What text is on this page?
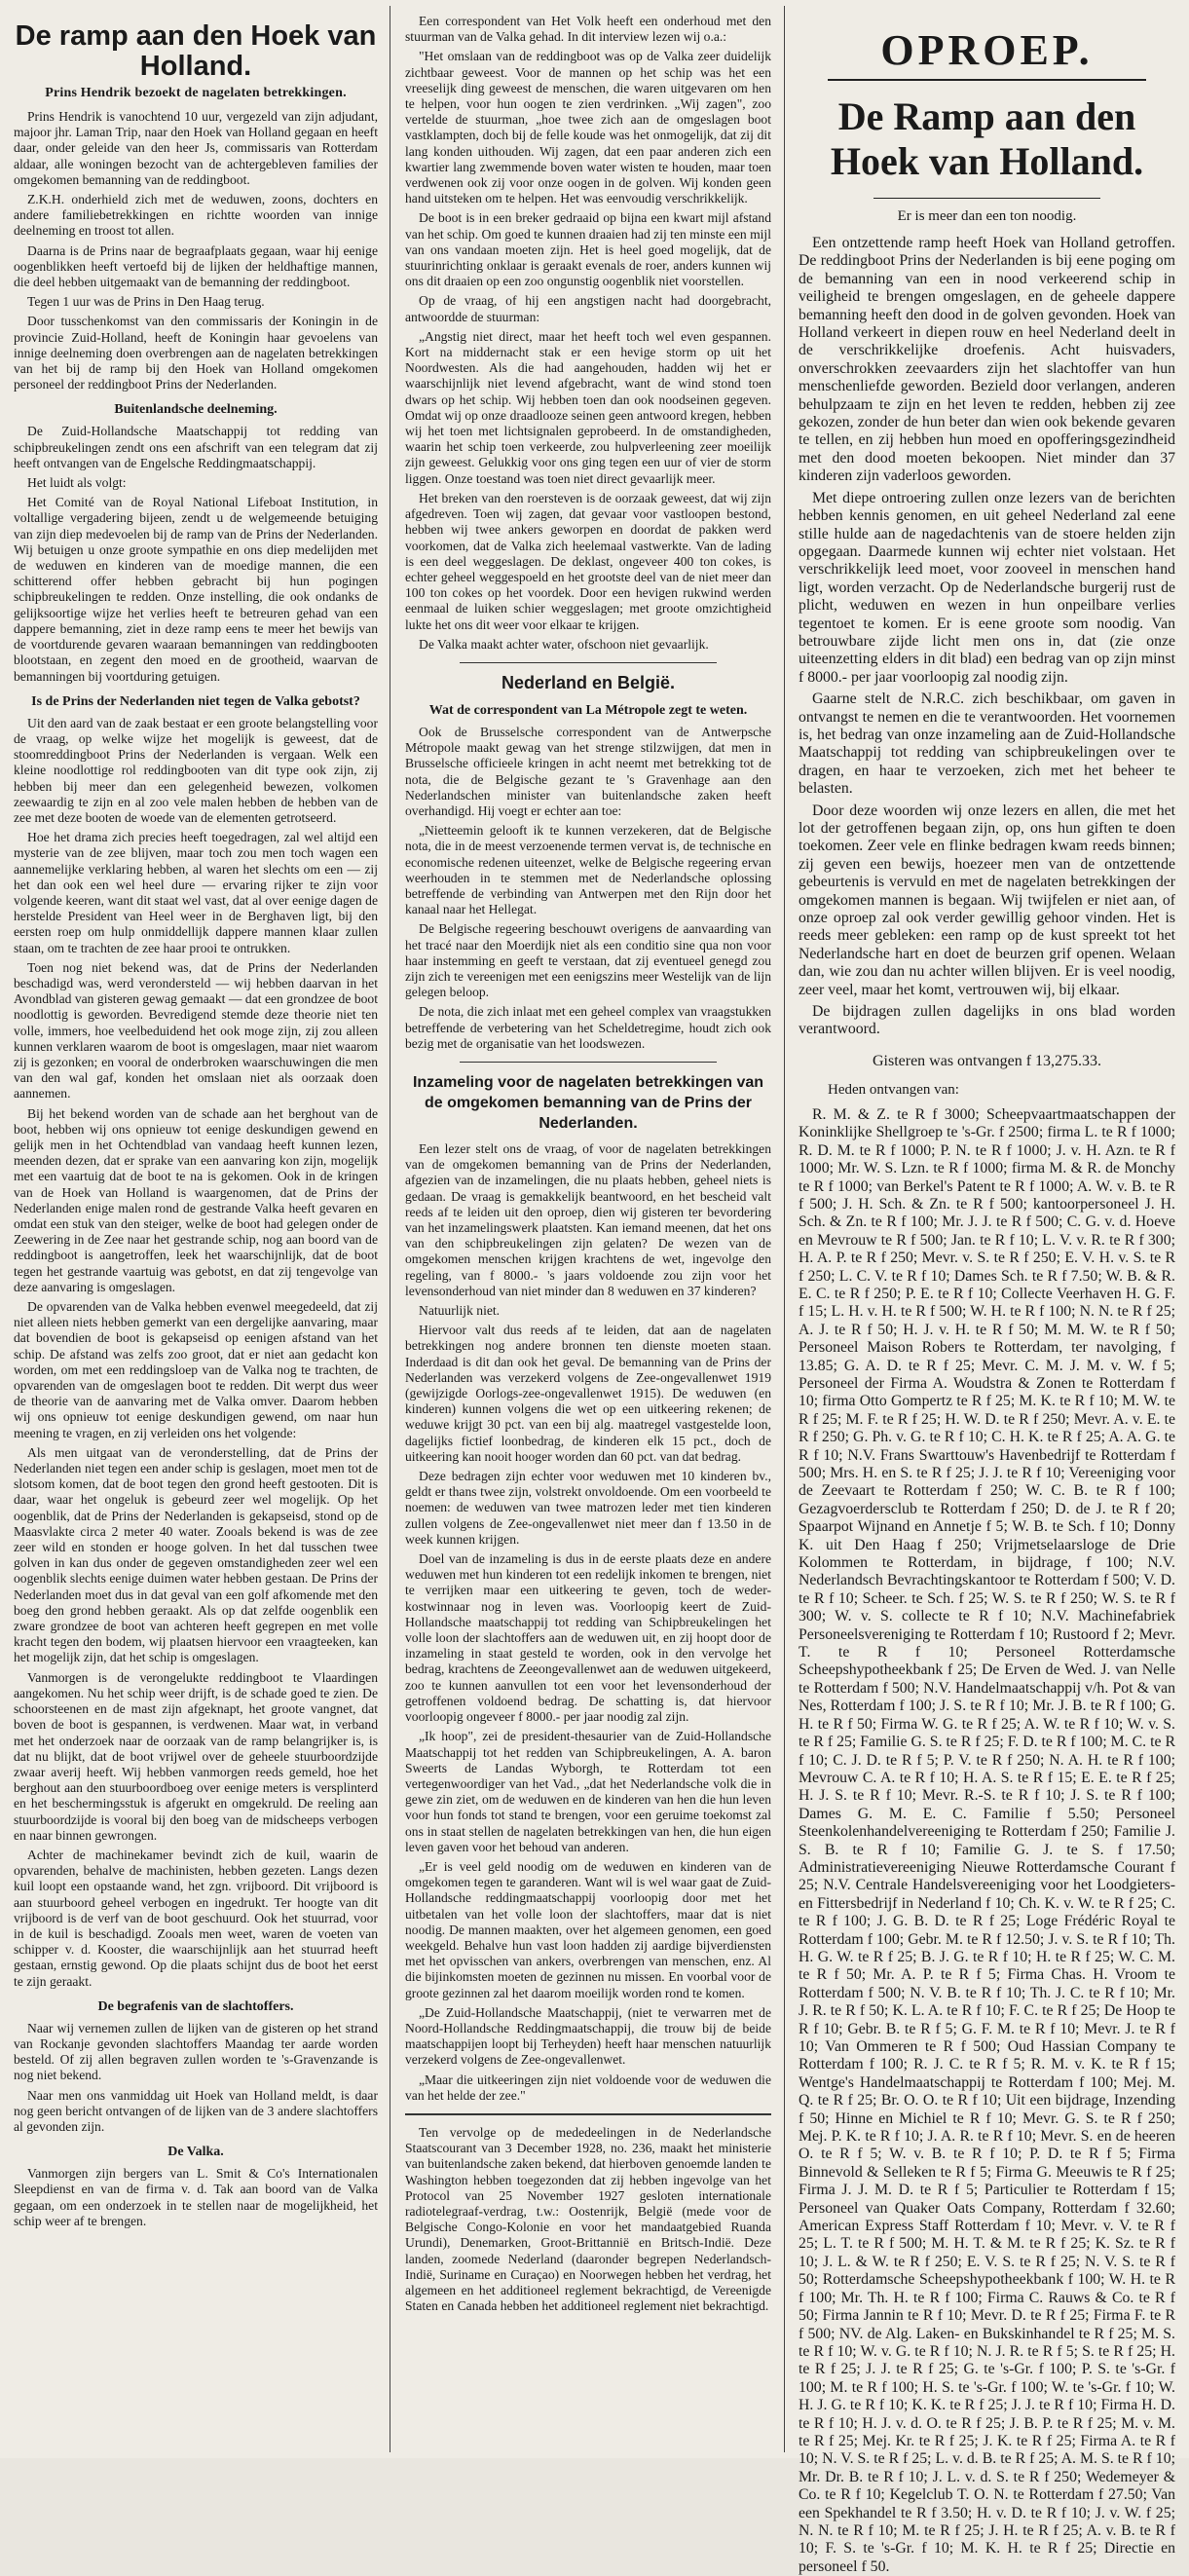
De ramp aan den Hoek van Holland.
Prins Hendrik bezoekt de nagelaten betrekkingen.

Prins Hendrik is vanochtend 10 uur, vergezeld van zijn adjudant, majoor jhr. Laman Trip, naar den Hoek van Holland gegaan en heeft daar, onder geleide van den heer Js, commissaris van Rotterdam aldaar, alle woningen bezocht van de achtergebleven families der omgekomen bemanning van de reddingboot.

Z.K.H. onderhield zich met de weduwen, zoons, dochters en andere familiebetrekkingen en richtte woorden van innige deelneming en troost tot allen.

Daarna is de Prins naar de begraafplaats gegaan, waar hij eenige oogenblikken heeft vertoefd bij de lijken der heldhaftige mannen, die deel hebben uitgemaakt van de bemanning der reddingboot.

Tegen 1 uur was de Prins in Den Haag terug.

Door tusschenkomst van den commissaris der Koningin in de provincie Zuid-Holland, heeft de Koningin haar gevoelens van innige deelneming doen overbrengen aan de nagelaten betrekkingen van het bij de ramp bij den Hoek van Holland omgekomen personeel der reddingboot Prins der Nederlanden.

Buitenlandsche deelneming.

De Zuid-Hollandsche Maatschappij tot redding van schipbreukelingen zendt ons een afschrift van een telegram dat zij heeft ontvangen van de Engelsche Reddingmaatschappij.

Het luidt als volgt:

Het Comité van de Royal National Lifeboat Institution, in voltallige vergadering bijeen, zendt u de welgemeende betuiging van zijn diep medevoelen bij de ramp van de Prins der Nederlanden. Wij betuigen u onze groote sympathie en ons diep medelijden met de weduwen en kinderen van de moedige mannen, die een schitterend offer hebben gebracht bij hun pogingen schipbreukelingen te redden. Onze instelling, die ook ondanks de gelijksoortige wijze het verlies heeft te betreuren gehad van een dappere bemanning, ziet in deze ramp eens te meer het bewijs van de voortdurende gevaren waaraan bemanningen van reddingbooten blootstaan, en zegent den moed en de grootheid, waarvan de bemanningen bij voortduring getuigen.

Is de Prins der Nederlanden niet tegen de Valka gebotst?

Uit den aard van de zaak bestaat er een groote belangstelling voor de vraag, op welke wijze het mogelijk is geweest, dat de stoomreddingboot Prins der Nederlanden is vergaan. Welk een kleine noodlottige rol reddingbooten van dit type ook zijn, zij hebben bij meer dan een gelegenheid bewezen, volkomen zeewaardig te zijn en al zoo vele malen hebben de hebben van de zee met deze booten de woede van de elementen getrotseerd.

Hoe het drama zich precies heeft toegedragen, zal wel altijd een mysterie van de zee blijven, maar toch zou men toch wagen een aannemelijke verklaring hebben, al waren het slechts om een — zij het dan ook een wel heel dure — ervaring rijker te zijn voor volgende keeren, want dit staat wel vast, dat al over eenige dagen de herstelde President van Heel weer in de Berghaven ligt, bij den eersten roep om hulp onmiddellijk dappere mannen klaar zullen staan, om te trachten de zee haar prooi te ontrukken.

Toen nog niet bekend was, dat de Prins der Nederlanden beschadigd was, werd verondersteld — wij hebben daarvan in het Avondblad van gisteren gewag gemaakt — dat een grondzee de boot noodlottig is geworden. Bevredigend stemde deze theorie niet ten volle, immers, hoe veelbeduidend het ook moge zijn, zij zou alleen kunnen verklaren waarom de boot is omgeslagen, maar niet waarom zij is gezonken; en vooral de onderbroken waarschuwingen die men van den wal gaf, konden het omslaan niet als oorzaak doen aannemen.

Bij het bekend worden van de schade aan het berghout van de boot, hebben wij ons opnieuw tot eenige deskundigen gewend en gelijk men in het Ochtendblad van vandaag heeft kunnen lezen, meenden dezen, dat er sprake van een aanvaring kon zijn, mogelijk met een vaartuig dat de boot te na is gekomen. Ook in de kringen van de Hoek van Holland is waargenomen, dat de Prins der Nederlanden enige malen rond de gestrande Valka heeft gevaren en omdat een stuk van den steiger, welke de boot had gelegen onder de Zeewering in de Zee naar het gestrande schip, nog aan boord van de reddingboot is aangetroffen, leek het waarschijnlijk, dat de boot tegen het gestrande vaartuig was gebotst, en dat zij tengevolge van deze aanvaring is omgeslagen.

De opvarenden van de Valka hebben evenwel meegedeeld, dat zij niet alleen niets hebben gemerkt van een dergelijke aanvaring, maar dat bovendien de boot is gekapseisd op eenigen afstand van het schip. De afstand was zelfs zoo groot, dat er niet aan gedacht kon worden, om met een reddingsloep van de Valka nog te trachten, de opvarenden van de omgeslagen boot te redden. Dit werpt dus weer de theorie van de aanvaring met de Valka omver. Daarom hebben wij ons opnieuw tot eenige deskundigen gewend, om naar hun meening te vragen, en zij verleiden ons het volgende:

Als men uitgaat van de veronderstelling, dat de Prins der Nederlanden niet tegen een ander schip is geslagen, moet men tot de slotsom komen, dat de boot tegen den grond heeft gestooten. Dit is daar, waar het ongeluk is gebeurd zeer wel mogelijk. Op het oogenblik, dat de Prins der Nederlanden is gekapseisd, stond op de Maasvlakte circa 2 meter 40 water. Zooals bekend is was de zee zeer wild en stonden er hooge golven. In het dal tusschen twee golven in kan dus onder de gegeven omstandigheden zeer wel een oogenblik slechts eenige duimen water hebben gestaan. De Prins der Nederlanden moet dus in dat geval van een golf afkomende met den boeg den grond hebben geraakt. Als op dat zelfde oogenblik een zware grondzee de boot van achteren heeft gegrepen en met volle kracht tegen den bodem, wij plaatsen hiervoor een vraagteeken, kan het mogelijk zijn, dat het schip is omgeslagen.

Vanmorgen is de verongelukte reddingboot te Vlaardingen aangekomen. Nu het schip weer drijft, is de schade goed te zien. De schoorsteenen en de mast zijn afgeknapt, het groote vangnet, dat boven de boot is gespannen, is verdwenen. Maar wat, in verband met het onderzoek naar de oorzaak van de ramp belangrijker is, is dat nu blijkt, dat de boot vrijwel over de geheele stuurboordzijde zwaar averij heeft. Wij hebben vanmorgen reeds gemeld, hoe het berghout aan den stuurboordboeg over eenige meters is versplinterd en het beschermingsstuk is afgerukt en omgekruld. De reeling aan stuurboordzijde is vooral bij den boeg van de midscheeps verbogen en naar binnen gewrongen.

Achter de machinekamer bevindt zich de kuil, waarin de opvarenden, behalve de machinisten, hebben gezeten. Langs dezen kuil loopt een opstaande wand, het zgn. vrijboord. Dit vrijboord is aan stuurboord geheel verbogen en ingedrukt. Ter hoogte van dit vrijboord is de verf van de boot geschuurd. Ook het stuurrad, voor in de kuil is beschadigd. Zooals men weet, waren de voeten van schipper v. d. Kooster, die waarschijnlijk aan het stuurrad heeft gestaan, ernstig gewond. Op die plaats schijnt dus de boot het eerst te zijn geraakt.

De begrafenis van de slachtoffers.

Naar wij vernemen zullen de lijken van de gisteren op het strand van Rockanje gevonden slachtoffers Maandag ter aarde worden besteld. Of zij allen begraven zullen worden te 's-Gravenzande is nog niet bekend.

Naar men ons vanmiddag uit Hoek van Holland meldt, is daar nog geen bericht ontvangen of de lijken van de 3 andere slachtoffers al gevonden zijn.

De Valka.

Vanmorgen zijn bergers van L. Smit & Co's Internationalen Sleepdienst en van de firma v. d. Tak aan boord van de Valka gegaan, om een onderzoek in te stellen naar de mogelijkheid, het schip weer af te brengen.

Een correspondent van Het Volk heeft een onderhoud met den stuurman van de Valka gehad. In dit interview lezen wij o.a.:

"Het omslaan van de reddingboot was op de Valka zeer duidelijk zichtbaar geweest. Voor de mannen op het schip was het een vreeselijk ding geweest de menschen, die waren uitgevaren om hen te helpen, voor hun oogen te zien verdrinken. „Wij zagen", zoo vertelde de stuurman, „hoe twee zich aan de omgeslagen boot vastklampten, doch bij de felle koude was het onmogelijk, dat zij dit lang konden uithouden. Wij zagen, dat een paar anderen zich een kwartier lang zwemmende boven water wisten te houden, maar toen verdwenen ook zij voor onze oogen in de golven. Wij konden geen hand uitsteken om te helpen. Het was eenvoudig verschrikkelijk.

De boot is in een breker gedraaid op bijna een kwart mijl afstand van het schip. Om goed te kunnen draaien had zij ten minste een mijl van ons vandaan moeten zijn. Het is heel goed mogelijk, dat de stuurinrichting onklaar is geraakt evenals de roer, anders kunnen wij ons dit draaien op een zoo ongunstig oogenblik niet voorstellen.

Op de vraag, of hij een angstigen nacht had doorgebracht, antwoordde de stuurman:

„Angstig niet direct, maar het heeft toch wel even gespannen. Kort na middernacht stak er een hevige storm op uit het Noordwesten. Als die had aangehouden, hadden wij het er waarschijnlijk niet levend afgebracht, want de wind stond toen dwars op het schip. Wij hebben toen dan ook noodseinen gegeven. Omdat wij op onze draadlooze seinen geen antwoord kregen, hebben wij het toen met lichtsignalen geprobeerd. In de omstandigheden, waarin het schip toen verkeerde, zou hulpverleening zeer moeilijk zijn geweest. Gelukkig voor ons ging tegen een uur of vier de storm liggen. Onze toestand was toen niet direct gevaarlijk meer.

Het breken van den roersteven is de oorzaak geweest, dat wij zijn afgedreven. Toen wij zagen, dat gevaar voor vastloopen bestond, hebben wij twee ankers geworpen en doordat de pakken werd voorkomen, dat de Valka zich heelemaal vastwerkte. Van de lading is een deel weggeslagen. De deklast, ongeveer 400 ton cokes, is echter geheel weggespoeld en het grootste deel van de niet meer dan 100 ton cokes op het voordek. Door een hevigen rukwind werden eenmaal de luiken schier weggeslagen; met groote omzichtigheid lukte het ons dit weer voor elkaar te krijgen.

De Valka maakt achter water, ofschoon niet gevaarlijk.

Nederland en België.
Wat de correspondent van La Métropole zegt te weten.

Ook de Brusselsche correspondent van de Antwerpsche Métropole maakt gewag van het strenge stilzwijgen, dat men in Brusselsche officieele kringen in acht neemt met betrekking tot de nota, die de Belgische gezant te 's Gravenhage aan den Nederlandschen minister van buitenlandsche zaken heeft overhandigd. Hij voegt er echter aan toe:

„Nietteemin gelooft ik te kunnen verzekeren, dat de Belgische nota, die in de meest verzoenende termen vervat is, de technische en economische redenen uiteenzet, welke de Belgische regeering ervan weerhouden in te stemmen met de Nederlandsche oplossing betreffende de verbinding van Antwerpen met den Rijn door het kanaal naar het Hellegat.

De Belgische regeering beschouwt overigens de aanvaarding van het tracé naar den Moerdijk niet als een conditio sine qua non voor haar instemming en geeft te verstaan, dat zij eventueel genegd zou zijn zich te vereenigen met een eenigszins meer Westelijk van de lijn gelegen beloop.

De nota, die zich inlaat met een geheel complex van vraagstukken betreffende de verbetering van het Scheldetregime, houdt zich ook bezig met de organisatie van het loodswezen.

Inzameling voor de nagelaten betrekkingen van de omgekomen bemanning van de Prins der Nederlanden.

Een lezer stelt ons de vraag, of voor de nagelaten betrekkingen van de omgekomen bemanning van de Prins der Nederlanden, afgezien van de inzamelingen, die nu plaats hebben, geheel niets is gedaan. De vraag is gemakkelijk beantwoord, en het bescheid valt reeds af te leiden uit den oproep, dien wij gisteren ter bevordering van het inzamelingswerk plaatsten. Kan iemand meenen, dat het ons van den schipbreukelingen zijn gelaten? De wezen van de omgekomen menschen krijgen krachtens de wet, ingevolge den regeling, van f 8000.- 's jaars voldoende zou zijn voor het levensonderhoud van niet minder dan 8 weduwen en 37 kinderen?

Natuurlijk niet.

Hiervoor valt dus reeds af te leiden, dat aan de nagelaten betrekkingen nog andere bronnen ten dienste moeten staan. Inderdaad is dit dan ook het geval. De bemanning van de Prins der Nederlanden was verzekerd volgens de Zee-ongevallenwet 1919 (gewijzigde Oorlogs-zee-ongevallenwet 1915). De weduwen (en kinderen) kunnen volgens die wet op een uitkeering rekenen; de weduwe krijgt 30 pct. van een bij alg. maatregel vastgestelde loon, dagelijks fictief loonbedrag, de kinderen elk 15 pct., doch de uitkeering kan nooit hooger worden dan 60 pct. van dat bedrag.

Deze bedragen zijn echter voor weduwen met 10 kinderen bv., geldt er thans twee zijn, volstrekt onvoldoende. Om een voorbeeld te noemen: de weduwen van twee matrozen leder met tien kinderen zullen volgens de Zee-ongevallenwet niet meer dan f 13.50 in de week kunnen krijgen.

Doel van de inzameling is dus in de eerste plaats deze en andere weduwen met hun kinderen tot een redelijk inkomen te brengen, niet te verrijken maar een uitkeering te geven, toch de weder-kostwinnaar nog in leven was. Voorloopig keert de Zuid-Hollandsche maatschappij tot redding van Schipbreukelingen het volle loon der slachtoffers aan de weduwen uit, en zij hoopt door de inzameling in staat gesteld te worden, ook in den vervolge het bedrag, krachtens de Zeeongevallenwet aan de weduwen uitgekeerd, zoo te kunnen aanvullen tot een voor het levensonderhoud der getroffenen voldoend bedrag. De schatting is, dat hiervoor voorloopig ongeveer f 8000.- per jaar noodig zal zijn.

„Ik hoop", zei de president-thesaurier van de Zuid-Hollandsche Maatschappij tot het redden van Schipbreukelingen, A. A. baron Sweerts de Landas Wyborgh, te Rotterdam tot een vertegenwoordiger van het Vad., „dat het Nederlandsche volk die in gewe zin ziet, om de weduwen en de kinderen van hen die hun leven voor hun fonds tot stand te brengen, voor een geruime toekomst zal ons in staat stellen de nagelaten betrekkingen van hen, die hun eigen leven gaven voor het behoud van anderen.

„Er is veel geld noodig om de weduwen en kinderen van de omgekomen tegen te garanderen. Want wil is wel waar gaat de Zuid-Hollandsche reddingmaatschappij voorloopig door met het uitbetalen van het volle loon der slachtoffers, maar dat is niet noodig. De mannen maakten, over het algemeen genomen, een goed weekgeld. Behalve hun vast loon hadden zij aardige bijverdiensten met het opvisschen van ankers, overbrengen van menschen, enz. Al die bijinkomsten moeten de gezinnen nu missen. En voorbal voor de groote gezinnen zal het daarom moeilijk worden rond te komen.

„De Zuid-Hollandsche Maatschappij, (niet te verwarren met de Noord-Hollandsche Reddingmaatschappij, die trouw bij de beide maatschappijen loopt bij Terheyden) heeft haar menschen natuurlijk verzekerd volgens de Zee-ongevallenwet.

„Maar die uitkeeringen zijn niet voldoende voor de weduwen die van het helde der zee."

Ten vervolge op de mededeelingen in de Nederlandsche Staatscourant van 3 December 1928, no. 236, maakt het ministerie van buitenlandsche zaken bekend, dat hierboven genoemde landen te Washington hebben toegezonden dat zij hebben ingevolge van het Protocol van 25 November 1927 gesloten internationale radiotelegraaf-verdrag, t.w.: Oostenrijk, België (mede voor de Belgische Congo-Kolonie en voor het mandaatgebied Ruanda Urundi), Denemarken, Groot-Brittannië en Britsch-Indië. Deze landen, zoomede Nederland (daaronder begrepen Nederlandsch-Indië, Suriname en Curaçao) en Noorwegen hebben het verdrag, het algemeen en het additioneel reglement bekrachtigd, de Vereenigde Staten en Canada hebben het additioneel reglement niet bekrachtigd.

OPROEP.
De Ramp aan den Hoek van Holland.
Er is meer dan een ton noodig.

Een ontzettende ramp heeft Hoek van Holland getroffen. De reddingboot Prins der Nederlanden is bij eene poging om de bemanning van een in nood verkeerend schip in veiligheid te brengen omgeslagen, en de geheele dappere bemanning heeft den dood in de golven gevonden. Hoek van Holland verkeert in diepen rouw en heel Nederland deelt in de verschrikkelijke droefenis. Acht huisvaders, onverschrokken zeevaarders zijn het slachtoffer van hun menschenliefde geworden. Bezield door verlangen, anderen behulpzaam te zijn en het leven te redden, hebben zij zee gekozen, zonder de hun beter dan wien ook bekende gevaren te tellen, en zij hebben hun moed en opofferingsgezindheid met den dood moeten bekoopen. Niet minder dan 37 kinderen zijn vaderloos geworden.

Met diepe ontroering zullen onze lezers van de berichten hebben kennis genomen, en uit geheel Nederland zal eene stille hulde aan de nagedachtenis van de stoere helden zijn opgegaan. Daarmede kunnen wij echter niet volstaan. Het verschrikkelijk leed moet, voor zooveel in menschen hand ligt, worden verzacht. Op de Nederlandsche burgerij rust de plicht, weduwen en wezen in hun onpeilbare verlies tegentoet te komen. Er is eene groote som noodig. Van betrouwbare zijde licht men ons in, dat (zie onze uiteenzetting elders in dit blad) een bedrag van op zijn minst f 8000.- per jaar voorloopig zal noodig zijn.

Gaarne stelt de N.R.C. zich beschikbaar, om gaven in ontvangst te nemen en die te verantwoorden. Het voornemen is, het bedrag van onze inzameling aan de Zuid-Hollandsche Maatschappij tot redding van schipbreukelingen over te dragen, en haar te verzoeken, zich met het beheer te belasten.

Door deze woorden wij onze lezers en allen, die met het lot der getroffenen begaan zijn, op, ons hun giften te doen toekomen. Zeer vele en flinke bedragen kwam reeds binnen; zij geven een bewijs, hoezeer men van de ontzettende gebeurtenis is vervuld en met de nagelaten betrekkingen der omgekomen mannen is begaan. Wij twijfelen er niet aan, of onze oproep zal ook verder gewillig gehoor vinden. Het is reeds meer gebleken: een ramp op de kust spreekt tot het Nederlandsche hart en doet de beurzen grif openen. Welaan dan, wie zou dan nu achter willen blijven. Er is veel noodig, zeer veel, maar het komt, vertrouwen wij, bij elkaar.

De bijdragen zullen dagelijks in ons blad worden verantwoord.

Gisteren was ontvangen f 13,275.33.
Heden ontvangen van:

R. M. & Z. te R f 3000; Scheepvaartmaatschappen der Koninklijke Shellgroep te 's-Gr. f 2500; firma L. te R f 1000; R. D. M. te R f 1000; P. N. te R f 1000; J. v. H. Azn. te R f 1000; Mr. W. S. Lzn. te R f 1000; firma M. & R. de Monchy te R f 1000; van Berkel's Patent te R f 1000; A. W. v. B. te R f 500; J. H. Sch. & Zn. te R f 500; kantoorpersoneel J. H. Sch. & Zn. te R f 100; Mr. J. J. te R f 500; C. G. v. d. Hoeve en Mevrouw te R f 500; Jan. te R f 10; L. V. v. R. te R f 300; H. A. P. te R f 250; Mevr. v. S. te R f 250; E. V. H. v. S. te R f 250; L. C. V. te R f 10; Dames Sch. te R f 7.50; W. B. & R. E. C. te R f 250; P. E. te R f 10; Collecte Veerhaven H. G. F. f 15; L. H. v. H. te R f 500; W. H. te R f 100; N. N. te R f 25; A. J. te R f 50; H. J. v. H. te R f 50; M. M. W. te R f 50; Personeel Maison Robers te Rotterdam, ter navolging, f 13.85; G. A. D. te R f 25; Mevr. C. M. J. M. v. W. f 5; Personeel der Firma A. Woudstra & Zonen te Rotterdam f 10; firma Otto Gompertz te R f 25; M. K. te R f 10; M. W. te R f 25; M. F. te R f 25; H. W. D. te R f 250; Mevr. A. v. E. te R f 250; G. Ph. v. G. te R f 10; C. H. K. te R f 25; A. A. G. te R f 10; N.V. Frans Swarttouw's Havenbedrijf te Rotterdam f 500; Mrs. H. en S. te R f 25; J. J. te R f 10; Vereeniging voor de Zeevaart te Rotterdam f 250; W. C. B. te R f 100; Gezagvoerdersclub te Rotterdam f 250; D. de J. te R f 20; Spaarpot Wijnand en Annetje f 5; W. B. te Sch. f 10; Donny K. uit Den Haag f 250; Vrijmetselaarsloge de Drie Kolommen te Rotterdam, in bijdrage, f 100; N.V. Nederlandsch Bevrachtingskantoor te Rotterdam f 500; V. D. te R f 10; Scheer. te Sch. f 25; W. S. te R f 250; W. S. te R f 300; W. v. S. collecte te R f 10; N.V. Machinefabriek Personeelsvereniging te Rotterdam f 10; Rustoord f 2; Mevr. T. te R f 10; Personeel Rotterdamsche Scheepshypotheekbank f 25; De Erven de Wed. J. van Nelle te Rotterdam f 500; N.V. Handelmaatschappij v/h. Pot & van Nes, Rotterdam f 100; J. S. te R f 10; Mr. J. B. te R f 100; G. H. te R f 50; Firma W. G. te R f 25; A. W. te R f 10; W. v. S. te R f 25; Familie G. S. te R f 25; F. D. te R f 100; M. C. te R f 10; C. J. D. te R f 5; P. V. te R f 250; N. A. H. te R f 100; Mevrouw C. A. te R f 10; H. A. S. te R f 15; E. E. te R f 25; H. J. S. te R f 10; Mevr. R.-S. te R f 10; J. S. te R f 100; Dames G. M. E. C. Familie f 5.50; Personeel Steenkolenhandelvereeniging te Rotterdam f 250; Familie J. S. B. te R f 10; Familie G. J. te S. f 17.50; Administratievereeniging Nieuwe Rotterdamsche Courant f 25; N.V. Centrale Handelsvereeniging voor het Loodgieters- en Fittersbedrijf in Nederland f 10; Ch. K. v. W. te R f 25; C. te R f 100; J. G. B. D. te R f 25; Loge Frédéric Royal te Rotterdam f 100; Gebr. M. te R f 12.50; J. v. S. te R f 10; Th. H. G. W. te R f 25; B. J. G. te R f 10; H. te R f 25; W. C. M. te R f 50; Mr. A. P. te R f 5; Firma Chas. H. Vroom te Rotterdam f 500; N. V. B. te R f 10; Th. J. C. te R f 10; Mr. J. R. te R f 50; K. L. A. te R f 10; F. C. te R f 25; De Hoop te R f 10; Gebr. B. te R f 5; G. F. M. te R f 10; Mevr. J. te R f 10; Van Ommeren te R f 500; Oud Hassian Company te Rotterdam f 100; R. J. C. te R f 5; R. M. v. K. te R f 15; Wentge's Handelmaatschappij te Rotterdam f 100; Mej. M. Q. te R f 25; Br. O. O. te R f 10; Uit een bijdrage, Inzending f 50; Hinne en Michiel te R f 10; Mevr. G. S. te R f 250; Mej. P. K. te R f 10; J. A. R. te R f 10; Mevr. S. en de heeren O. te R f 5; W. v. B. te R f 10; P. D. te R f 5; Firma Binnevold & Selleken te R f 5; Firma G. Meeuwis te R f 25; Firma J. J. M. D. te R f 5; Particulier te Rotterdam f 15; Personeel van Quaker Oats Company, Rotterdam f 32.60; American Express Staff Rotterdam f 10; Mevr. v. V. te R f 25; L. T. te R f 500; M. H. T. & M. te R f 25; K. Sz. te R f 10; J. L. & W. te R f 250; E. V. S. te R f 25; N. V. S. te R f 50; Rotterdamsche Scheepshypotheekbank f 100; W. H. te R f 100; Mr. Th. H. te R f 100; Firma C. Rauws & Co. te R f 50; Firma Jannin te R f 10; Mevr. D. te R f 25; Firma F. te R f 500; NV. de Alg. Laken- en Bukskinhandel te R f 25; M. S. te R f 10; W. v. G. te R f 10; N. J. R. te R f 5; S. te R f 25; H. te R f 25; J. J. te R f 25; G. te 's-Gr. f 100; P. S. te 's-Gr. f 100; M. te R f 100; H. S. te 's-Gr. f 100; W. te 's-Gr. f 10; W. H. J. G. te R f 10; K. K. te R f 25; J. J. te R f 10; Firma H. D. te R f 10; H. J. v. d. O. te R f 25; J. B. P. te R f 25; M. v. M. te R f 25; Mej. Kr. te R f 25; J. K. te R f 25; Firma A. te R f 10; N. V. S. te R f 25; L. v. d. B. te R f 25; A. M. S. te R f 10; Mr. Dr. B. te R f 10; J. L. v. d. S. te R f 250; Wedemeyer & Co. te R f 10; Kegelclub T. O. N. te Rotterdam f 27.50; Van een Spekhandel te R f 3.50; H. v. D. te R f 10; J. v. W. f 25; N. N. te R f 10; M. te R f 25; J. H. te R f 25; A. v. B. te R f 10; F. S. te 's-Gr. f 10; M. K. H. te R f 25; Directie en personeel f 50.
